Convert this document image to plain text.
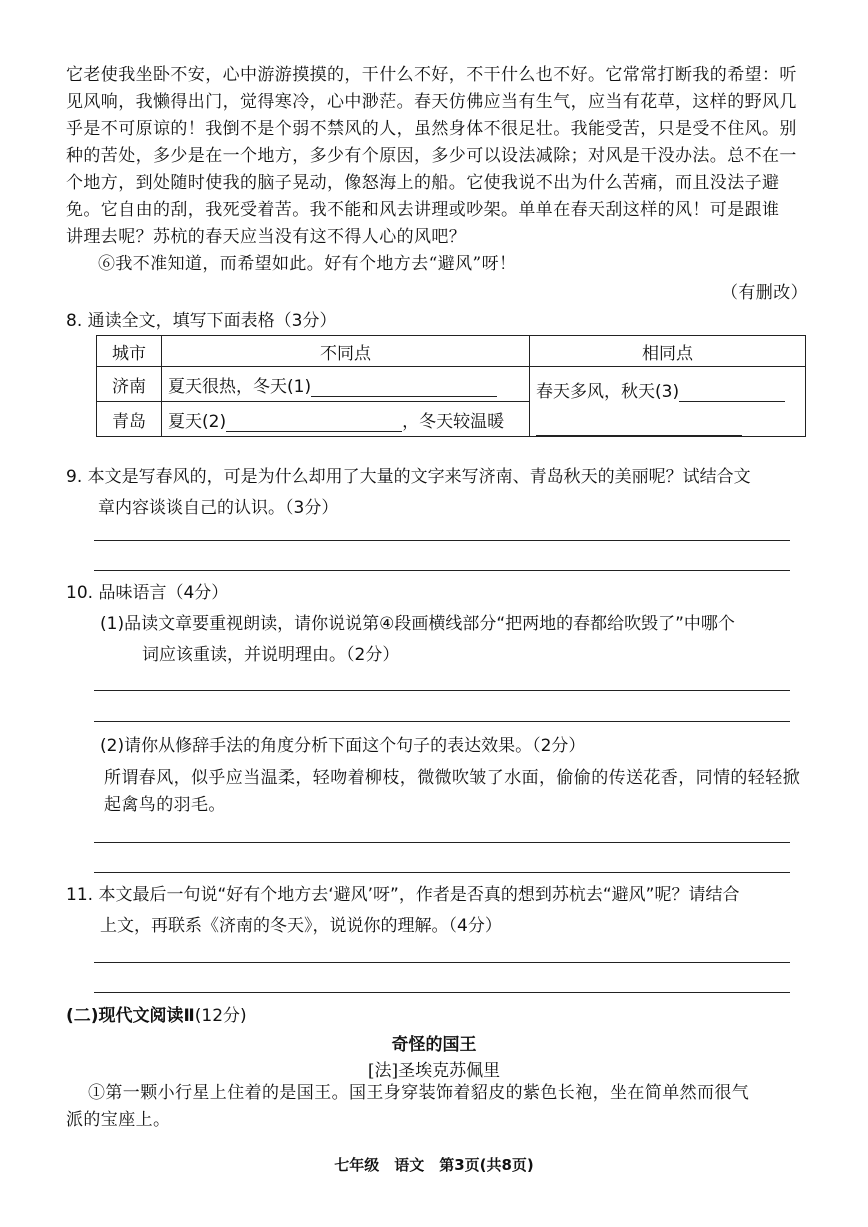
它老使我坐卧不安，心中游游摸摸的，干什么不好，不干什么也不好。它常常打断我的希望：听
见风响，我懒得出门，觉得寒冷，心中渺茫。春天仿佛应当有生气，应当有花草，这样的野风几
乎是不可原谅的！我倒不是个弱不禁风的人，虽然身体不很足壮。我能受苦，只是受不住风。别
种的苦处，多少是在一个地方，多少有个原因，多少可以设法减除；对风是干没办法。总不在一
个地方，到处随时使我的脑子晃动，像怒海上的船。它使我说不出为什么苦痛，而且没法子避
免。它自由的刮，我死受着苦。我不能和风去讲理或吵架。单单在春天刮这样的风！可是跟谁
讲理去呢？苏杭的春天应当没有这不得人心的风吧？
⑥我不准知道，而希望如此。好有个地方去“避风”呀！
（有删改）
8. 通读全文，填写下面表格（3分）
城市	不同点	相同点
济南	夏天很热，冬天(1)	春天多风，秋天(3)

青岛	夏天(2) ，冬天较温暖	
9. 本文是写春风的，可是为什么却用了大量的文字来写济南、青岛秋天的美丽呢？试结合文
章内容谈谈自己的认识。（3分）
10. 品味语言（4分）
(1)品读文章要重视朗读，请你说说第④段画横线部分“把两地的春都给吹毁了”中哪个
词应该重读，并说明理由。（2分）
(2)请你从修辞手法的角度分析下面这个句子的表达效果。（2分）
所谓春风，似乎应当温柔，轻吻着柳枝，微微吹皱了水面，偷偷的传送花香，同情的轻轻掀
起禽鸟的羽毛。
11. 本文最后一句说“好有个地方去‘避风’呀”，作者是否真的想到苏杭去“避风”呢？请结合
上文，再联系《济南的冬天》，说说你的理解。（4分）
(二)现代文阅读Ⅱ(12分)
奇怪的国王
[法]圣埃克苏佩里
①第一颗小行星上住着的是国王。国王身穿装饰着貂皮的紫色长袍，坐在简单然而很气
派的宝座上。
七年级　语文　第3页(共8页)
